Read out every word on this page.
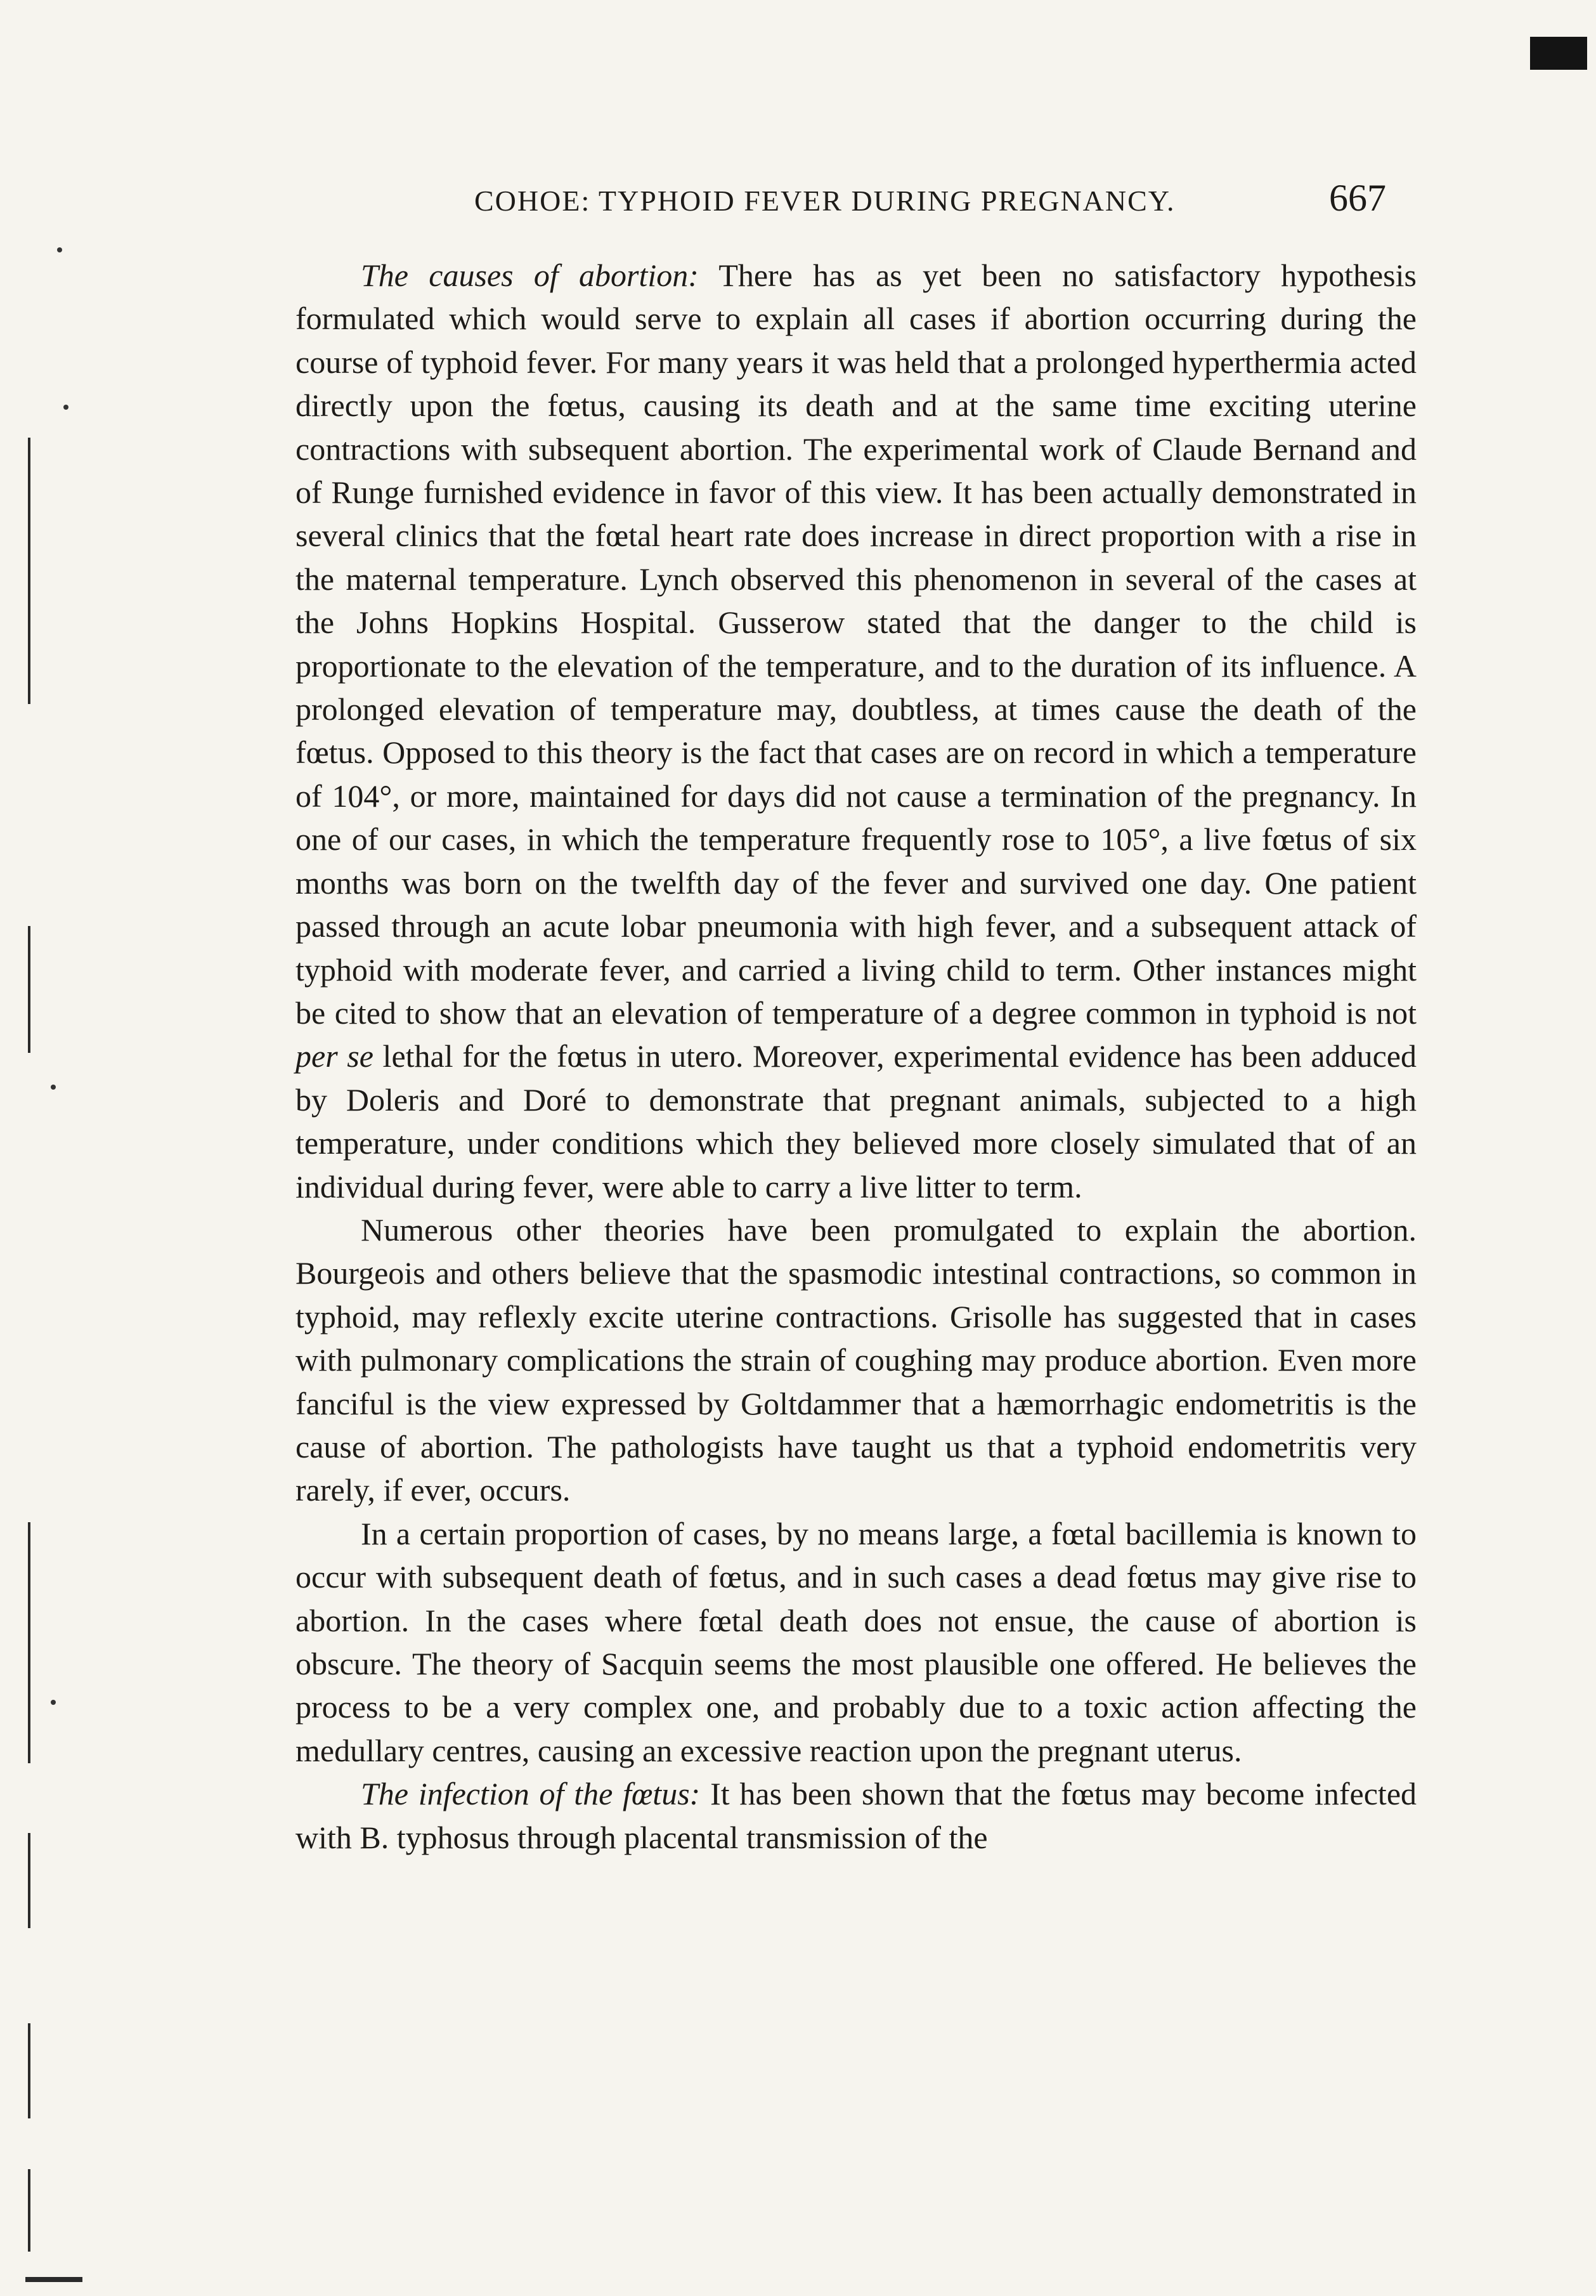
COHOE: TYPHOID FEVER DURING PREGNANCY.	667

The causes of abortion: There has as yet been no satisfactory hypothesis formulated which would serve to explain all cases if abortion occurring during the course of typhoid fever. For many years it was held that a prolonged hyperthermia acted directly upon the fœtus, causing its death and at the same time exciting uterine contractions with subsequent abortion. The experimental work of Claude Bernand and of Runge furnished evidence in favor of this view. It has been actually demonstrated in several clinics that the fœtal heart rate does increase in direct proportion with a rise in the maternal temperature. Lynch observed this phenomenon in several of the cases at the Johns Hopkins Hospital. Gusserow stated that the danger to the child is proportionate to the elevation of the temperature, and to the duration of its influence. A prolonged elevation of temperature may, doubtless, at times cause the death of the fœtus. Opposed to this theory is the fact that cases are on record in which a temperature of 104°, or more, maintained for days did not cause a termination of the pregnancy. In one of our cases, in which the temperature frequently rose to 105°, a live fœtus of six months was born on the twelfth day of the fever and survived one day. One patient passed through an acute lobar pneumonia with high fever, and a subsequent attack of typhoid with moderate fever, and carried a living child to term. Other instances might be cited to show that an elevation of temperature of a degree common in typhoid is not per se lethal for the fœtus in utero. Moreover, experimental evidence has been adduced by Doleris and Doré to demonstrate that pregnant animals, subjected to a high temperature, under conditions which they believed more closely simulated that of an individual during fever, were able to carry a live litter to term.

Numerous other theories have been promulgated to explain the abortion. Bourgeois and others believe that the spasmodic intestinal contractions, so common in typhoid, may reflexly excite uterine contractions. Grisolle has suggested that in cases with pulmonary complications the strain of coughing may produce abortion. Even more fanciful is the view expressed by Goltdammer that a hæmorrhagic endometritis is the cause of abortion. The pathologists have taught us that a typhoid endometritis very rarely, if ever, occurs.

In a certain proportion of cases, by no means large, a fœtal bacillemia is known to occur with subsequent death of fœtus, and in such cases a dead fœtus may give rise to abortion. In the cases where fœtal death does not ensue, the cause of abortion is obscure. The theory of Sacquin seems the most plausible one offered. He believes the process to be a very complex one, and probably due to a toxic action affecting the medullary centres, causing an excessive reaction upon the pregnant uterus.

The infection of the fœtus: It has been shown that the fœtus may become infected with B. typhosus through placental transmission of the
